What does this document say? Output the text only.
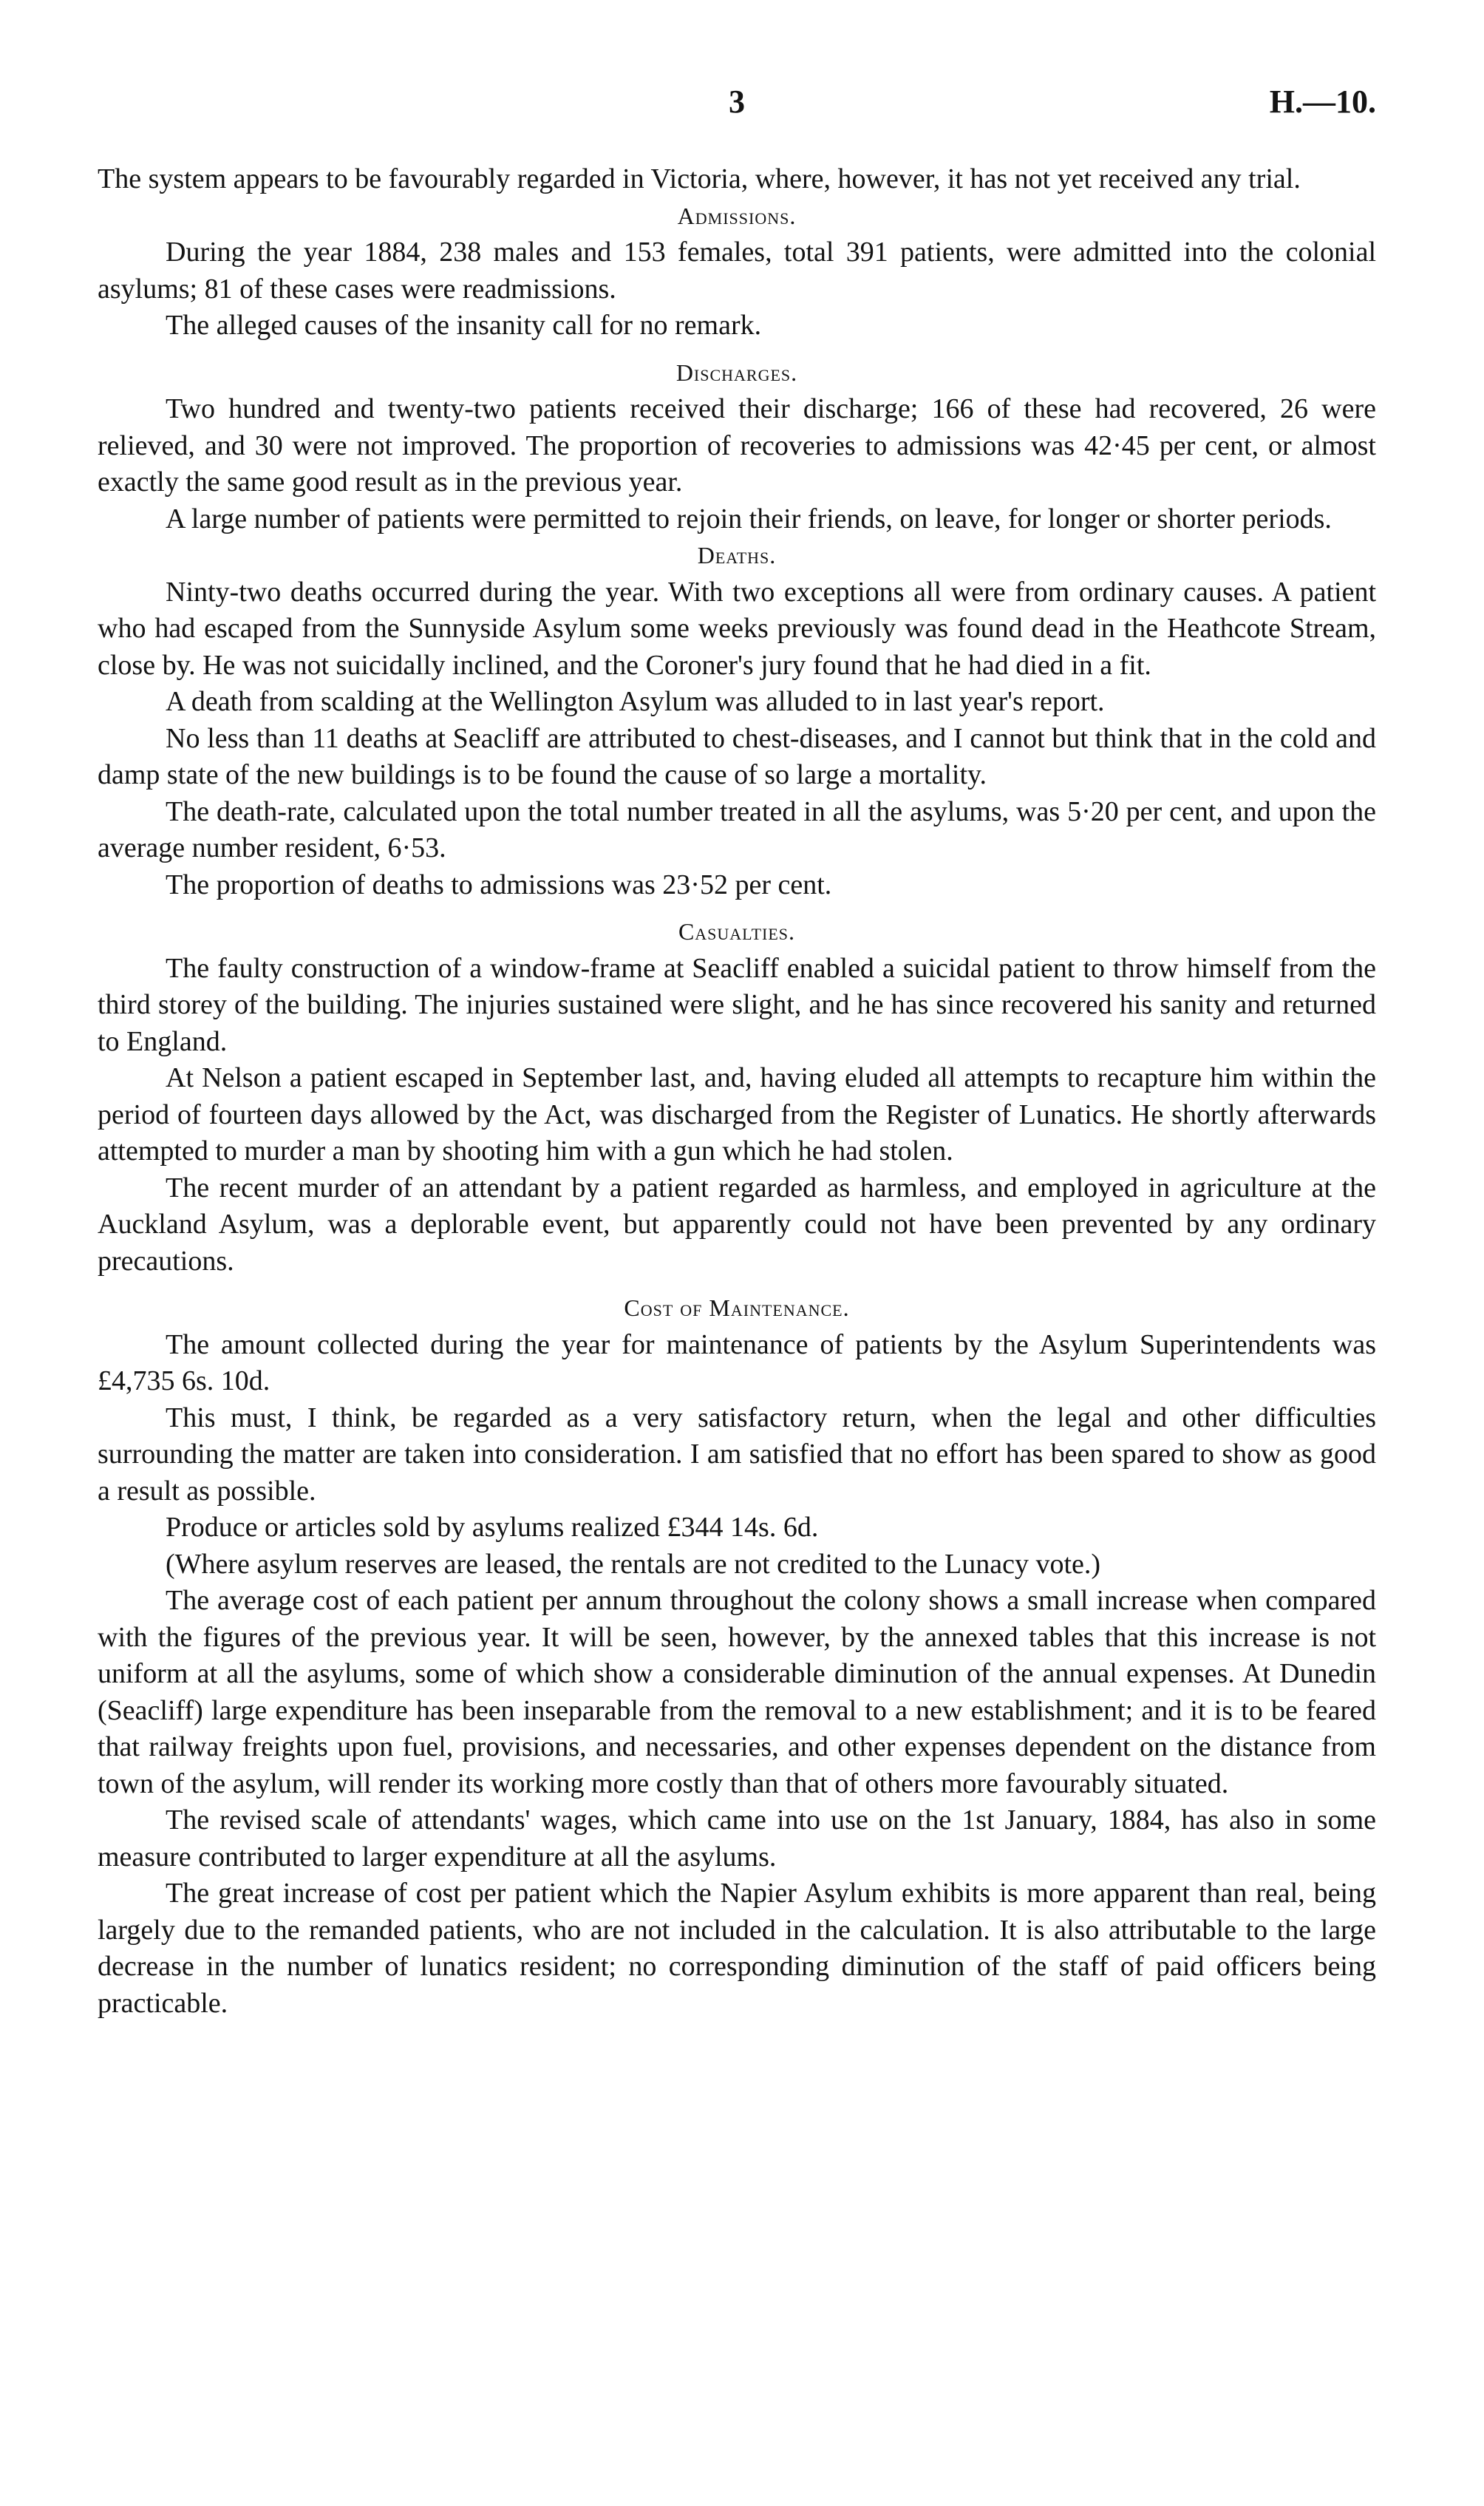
3	H.—10.

The system appears to be favourably regarded in Victoria, where, however, it has not yet received any trial.

Admissions.

During the year 1884, 238 males and 153 females, total 391 patients, were admitted into the colonial asylums; 81 of these cases were readmissions.

The alleged causes of the insanity call for no remark.

Discharges.

Two hundred and twenty-two patients received their discharge; 166 of these had recovered, 26 were relieved, and 30 were not improved. The proportion of recoveries to admissions was 42·45 per cent, or almost exactly the same good result as in the previous year.

A large number of patients were permitted to rejoin their friends, on leave, for longer or shorter periods.

Deaths.

Ninty-two deaths occurred during the year. With two exceptions all were from ordinary causes. A patient who had escaped from the Sunnyside Asylum some weeks previously was found dead in the Heathcote Stream, close by. He was not suicidally inclined, and the Coroner's jury found that he had died in a fit.

A death from scalding at the Wellington Asylum was alluded to in last year's report.

No less than 11 deaths at Seacliff are attributed to chest-diseases, and I cannot but think that in the cold and damp state of the new buildings is to be found the cause of so large a mortality.

The death-rate, calculated upon the total number treated in all the asylums, was 5·20 per cent, and upon the average number resident, 6·53.

The proportion of deaths to admissions was 23·52 per cent.

Casualties.

The faulty construction of a window-frame at Seacliff enabled a suicidal patient to throw himself from the third storey of the building. The injuries sustained were slight, and he has since recovered his sanity and returned to England.

At Nelson a patient escaped in September last, and, having eluded all attempts to recapture him within the period of fourteen days allowed by the Act, was discharged from the Register of Lunatics. He shortly afterwards attempted to murder a man by shooting him with a gun which he had stolen.

The recent murder of an attendant by a patient regarded as harmless, and employed in agriculture at the Auckland Asylum, was a deplorable event, but apparently could not have been prevented by any ordinary precautions.

Cost of Maintenance.

The amount collected during the year for maintenance of patients by the Asylum Superintendents was £4,735 6s. 10d.

This must, I think, be regarded as a very satisfactory return, when the legal and other difficulties surrounding the matter are taken into consideration. I am satisfied that no effort has been spared to show as good a result as possible.

Produce or articles sold by asylums realized £344 14s. 6d.

(Where asylum reserves are leased, the rentals are not credited to the Lunacy vote.)

The average cost of each patient per annum throughout the colony shows a small increase when compared with the figures of the previous year. It will be seen, however, by the annexed tables that this increase is not uniform at all the asylums, some of which show a considerable diminution of the annual expenses. At Dunedin (Seacliff) large expenditure has been inseparable from the removal to a new establishment; and it is to be feared that railway freights upon fuel, provisions, and necessaries, and other expenses dependent on the distance from town of the asylum, will render its working more costly than that of others more favourably situated.

The revised scale of attendants' wages, which came into use on the 1st January, 1884, has also in some measure contributed to larger expenditure at all the asylums.

The great increase of cost per patient which the Napier Asylum exhibits is more apparent than real, being largely due to the remanded patients, who are not included in the calculation. It is also attributable to the large decrease in the number of lunatics resident; no corresponding diminution of the staff of paid officers being practicable.
